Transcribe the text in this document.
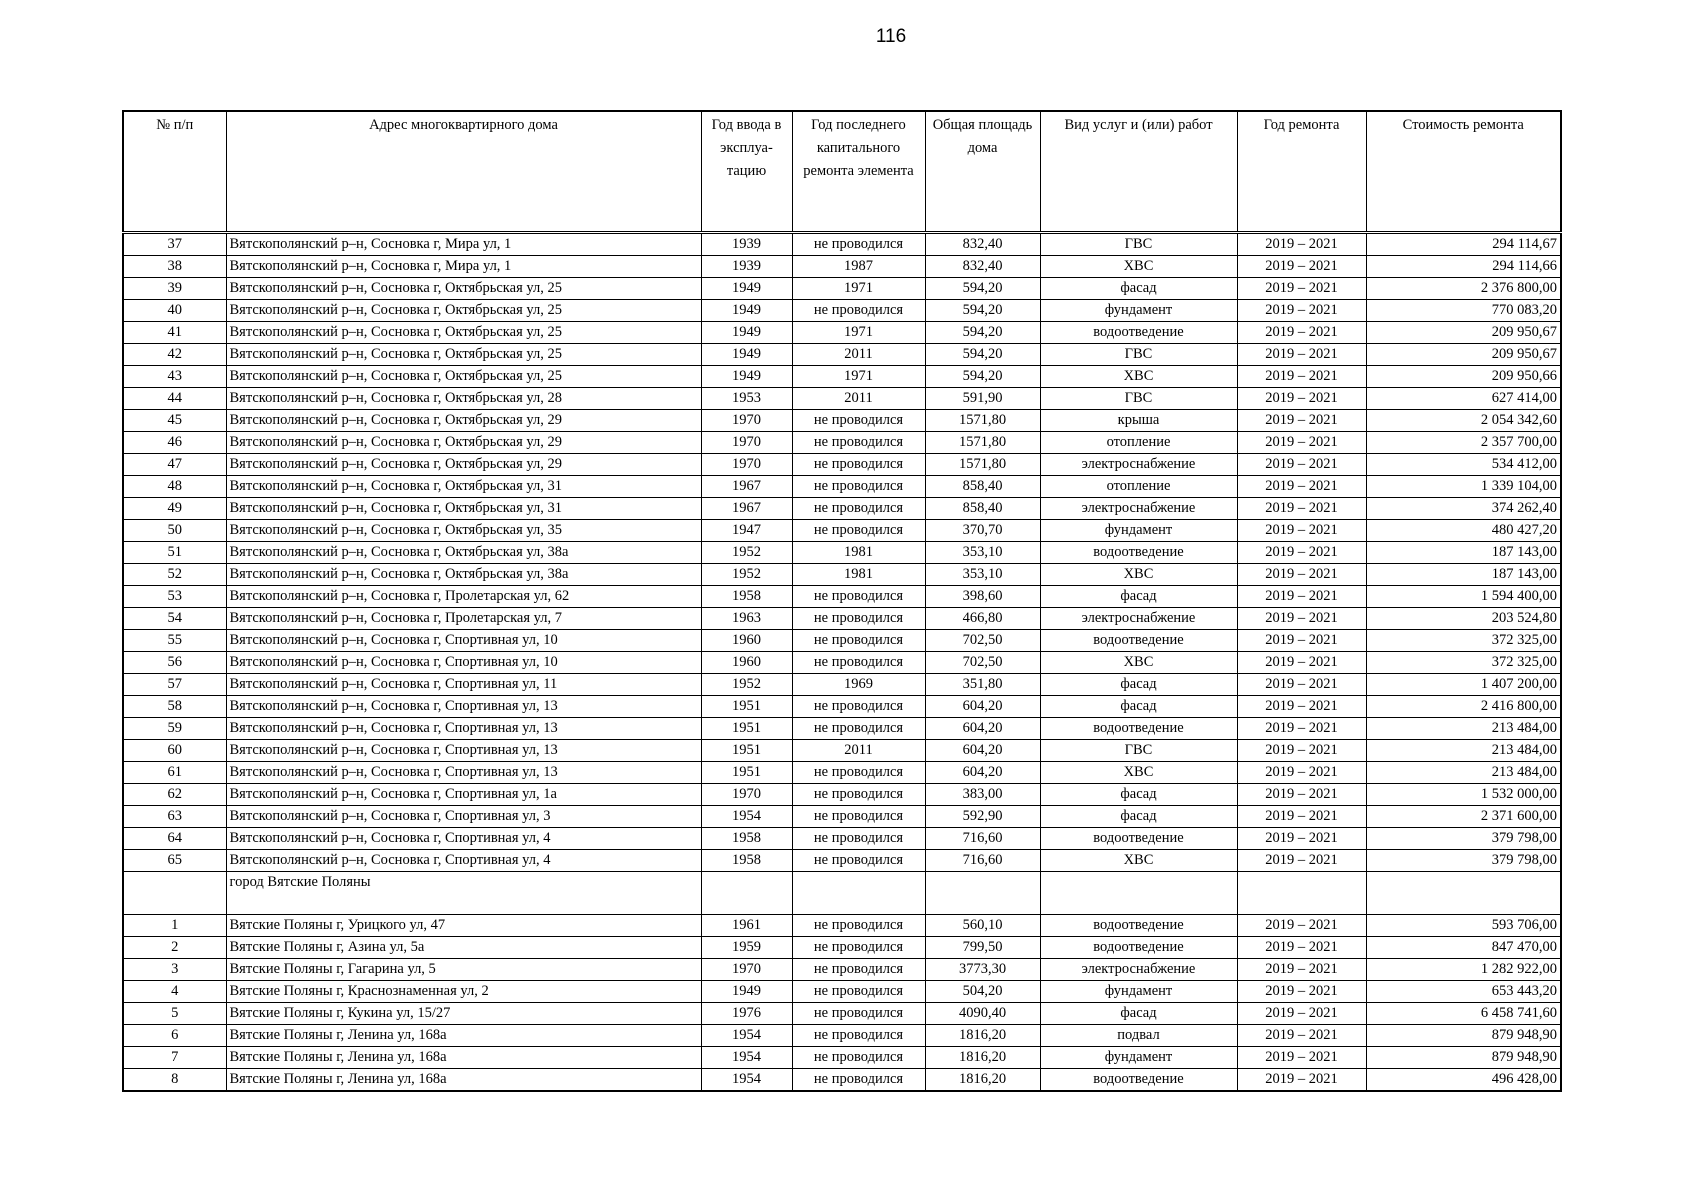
116
№ п/п	Адрес многоквартирного дома	Год ввода в эксплуа- тацию	Год последнего капитального ремонта элемента	Общая площадь дома	Вид услуг и (или) работ	Год ремонта	Стоимость ремонта
37	Вятскополянский р–н, Сосновка г, Мира ул, 1	1939	не проводился	832,40	ГВС	2019 – 2021	294 114,67
38	Вятскополянский р–н, Сосновка г, Мира ул, 1	1939	1987	832,40	ХВС	2019 – 2021	294 114,66
39	Вятскополянский р–н, Сосновка г, Октябрьская ул, 25	1949	1971	594,20	фасад	2019 – 2021	2 376 800,00
40	Вятскополянский р–н, Сосновка г, Октябрьская ул, 25	1949	не проводился	594,20	фундамент	2019 – 2021	770 083,20
41	Вятскополянский р–н, Сосновка г, Октябрьская ул, 25	1949	1971	594,20	водоотведение	2019 – 2021	209 950,67
42	Вятскополянский р–н, Сосновка г, Октябрьская ул, 25	1949	2011	594,20	ГВС	2019 – 2021	209 950,67
43	Вятскополянский р–н, Сосновка г, Октябрьская ул, 25	1949	1971	594,20	ХВС	2019 – 2021	209 950,66
44	Вятскополянский р–н, Сосновка г, Октябрьская ул, 28	1953	2011	591,90	ГВС	2019 – 2021	627 414,00
45	Вятскополянский р–н, Сосновка г, Октябрьская ул, 29	1970	не проводился	1571,80	крыша	2019 – 2021	2 054 342,60
46	Вятскополянский р–н, Сосновка г, Октябрьская ул, 29	1970	не проводился	1571,80	отопление	2019 – 2021	2 357 700,00
47	Вятскополянский р–н, Сосновка г, Октябрьская ул, 29	1970	не проводился	1571,80	электроснабжение	2019 – 2021	534 412,00
48	Вятскополянский р–н, Сосновка г, Октябрьская ул, 31	1967	не проводился	858,40	отопление	2019 – 2021	1 339 104,00
49	Вятскополянский р–н, Сосновка г, Октябрьская ул, 31	1967	не проводился	858,40	электроснабжение	2019 – 2021	374 262,40
50	Вятскополянский р–н, Сосновка г, Октябрьская ул, 35	1947	не проводился	370,70	фундамент	2019 – 2021	480 427,20
51	Вятскополянский р–н, Сосновка г, Октябрьская ул, 38а	1952	1981	353,10	водоотведение	2019 – 2021	187 143,00
52	Вятскополянский р–н, Сосновка г, Октябрьская ул, 38а	1952	1981	353,10	ХВС	2019 – 2021	187 143,00
53	Вятскополянский р–н, Сосновка г, Пролетарская ул, 62	1958	не проводился	398,60	фасад	2019 – 2021	1 594 400,00
54	Вятскополянский р–н, Сосновка г, Пролетарская ул, 7	1963	не проводился	466,80	электроснабжение	2019 – 2021	203 524,80
55	Вятскополянский р–н, Сосновка г, Спортивная ул, 10	1960	не проводился	702,50	водоотведение	2019 – 2021	372 325,00
56	Вятскополянский р–н, Сосновка г, Спортивная ул, 10	1960	не проводился	702,50	ХВС	2019 – 2021	372 325,00
57	Вятскополянский р–н, Сосновка г, Спортивная ул, 11	1952	1969	351,80	фасад	2019 – 2021	1 407 200,00
58	Вятскополянский р–н, Сосновка г, Спортивная ул, 13	1951	не проводился	604,20	фасад	2019 – 2021	2 416 800,00
59	Вятскополянский р–н, Сосновка г, Спортивная ул, 13	1951	не проводился	604,20	водоотведение	2019 – 2021	213 484,00
60	Вятскополянский р–н, Сосновка г, Спортивная ул, 13	1951	2011	604,20	ГВС	2019 – 2021	213 484,00
61	Вятскополянский р–н, Сосновка г, Спортивная ул, 13	1951	не проводился	604,20	ХВС	2019 – 2021	213 484,00
62	Вятскополянский р–н, Сосновка г, Спортивная ул, 1а	1970	не проводился	383,00	фасад	2019 – 2021	1 532 000,00
63	Вятскополянский р–н, Сосновка г, Спортивная ул, 3	1954	не проводился	592,90	фасад	2019 – 2021	2 371 600,00
64	Вятскополянский р–н, Сосновка г, Спортивная ул, 4	1958	не проводился	716,60	водоотведение	2019 – 2021	379 798,00
65	Вятскополянский р–н, Сосновка г, Спортивная ул, 4	1958	не проводился	716,60	ХВС	2019 – 2021	379 798,00
	город Вятские Поляны						
1	Вятские Поляны г, Урицкого ул, 47	1961	не проводился	560,10	водоотведение	2019 – 2021	593 706,00
2	Вятские Поляны г, Азина ул, 5а	1959	не проводился	799,50	водоотведение	2019 – 2021	847 470,00
3	Вятские Поляны г, Гагарина ул, 5	1970	не проводился	3773,30	электроснабжение	2019 – 2021	1 282 922,00
4	Вятские Поляны г, Краснознаменная ул, 2	1949	не проводился	504,20	фундамент	2019 – 2021	653 443,20
5	Вятские Поляны г, Кукина ул, 15/27	1976	не проводился	4090,40	фасад	2019 – 2021	6 458 741,60
6	Вятские Поляны г, Ленина ул, 168а	1954	не проводился	1816,20	подвал	2019 – 2021	879 948,90
7	Вятские Поляны г, Ленина ул, 168а	1954	не проводился	1816,20	фундамент	2019 – 2021	879 948,90
8	Вятские Поляны г, Ленина ул, 168а	1954	не проводился	1816,20	водоотведение	2019 – 2021	496 428,00
